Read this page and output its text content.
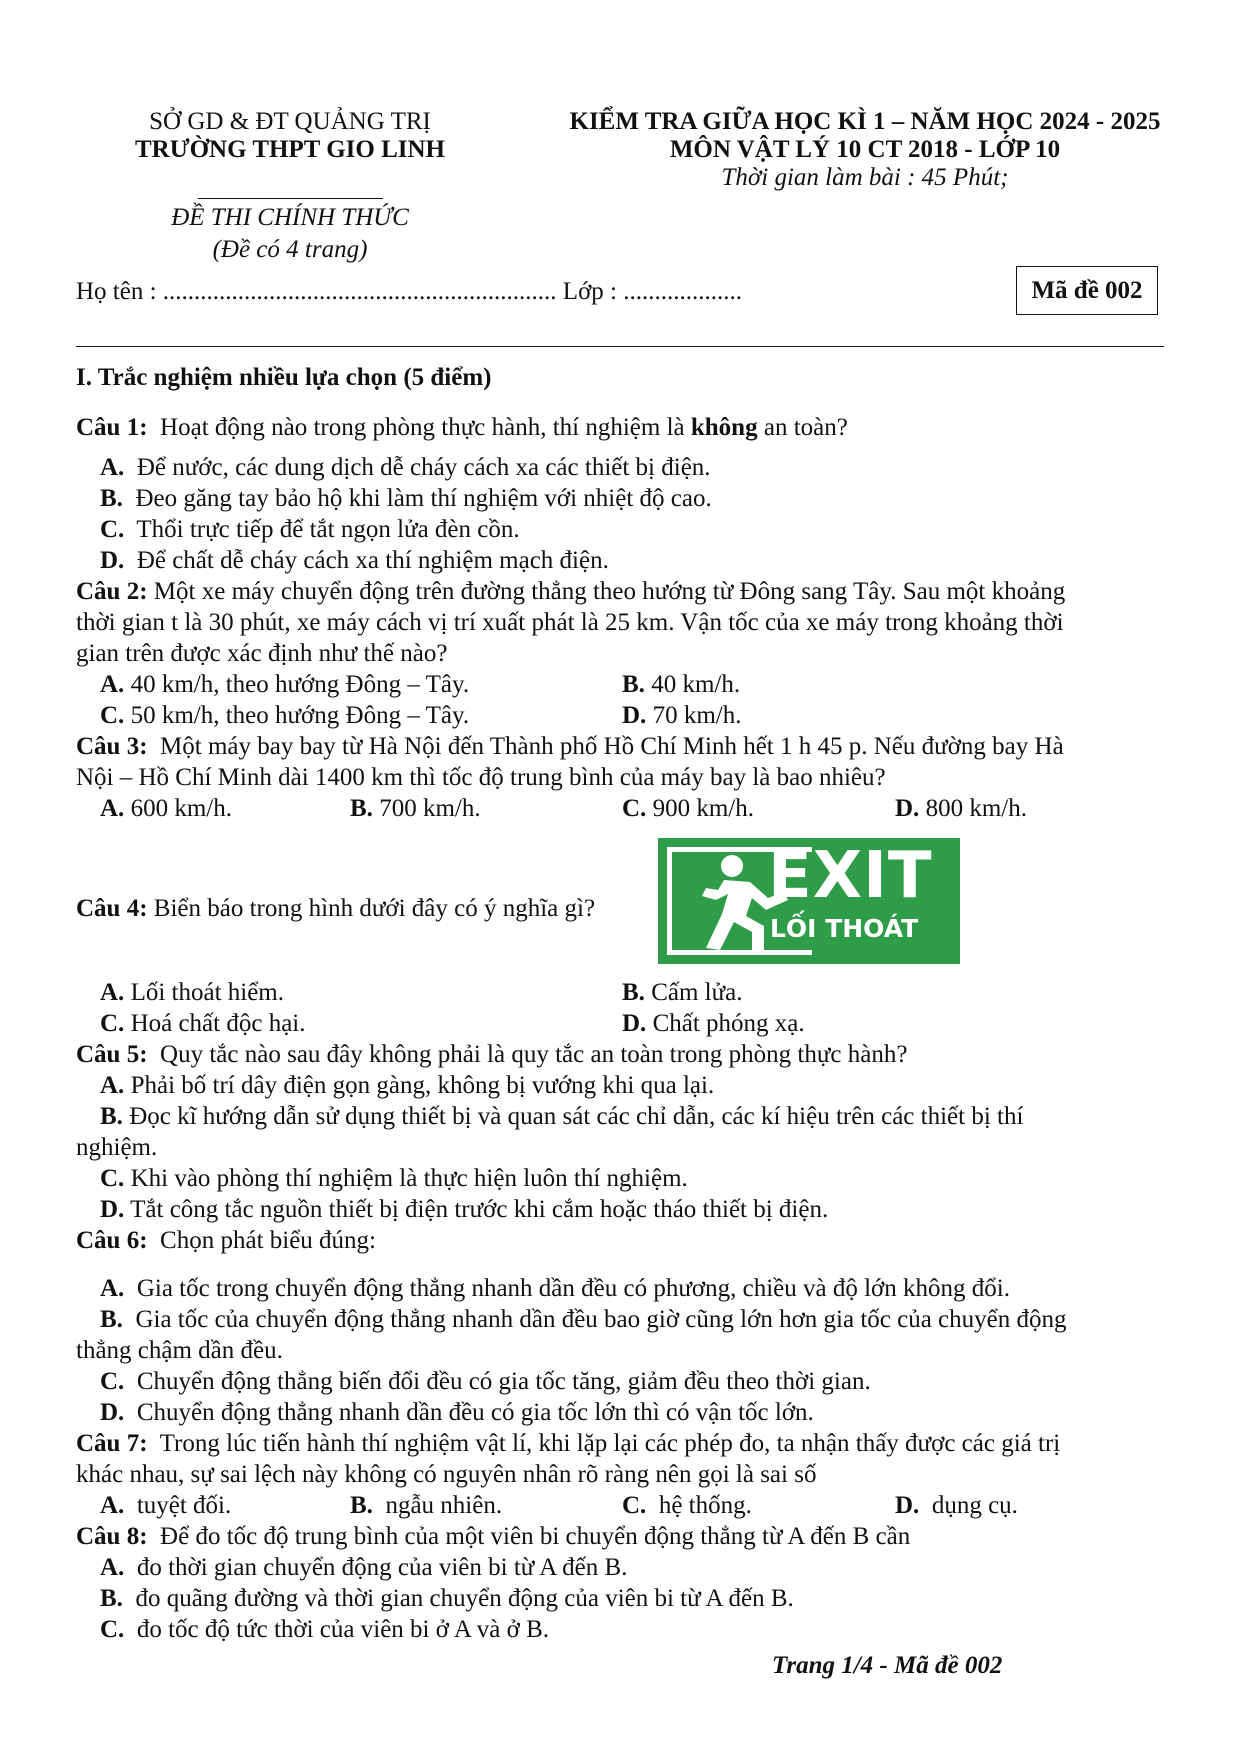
SỞ GD & ĐT QUẢNG TRỊ
TRƯỜNG THPT GIO LINH
ĐỀ THI CHÍNH THỨC
(Đề có 4 trang)
KIỂM TRA GIỮA HỌC KÌ 1 – NĂM HỌC 2024 - 2025
MÔN VẬT LÝ 10 CT 2018 - LỚP 10
Thời gian làm bài : 45 Phút;
Họ tên : ............................................................... Lớp : ...................	Mã đề 002
I. Trắc nghiệm nhiều lựa chọn (5 điểm)
Câu 1: Hoạt động nào trong phòng thực hành, thí nghiệm là không an toàn?
A. Để nước, các dung dịch dễ cháy cách xa các thiết bị điện.
B. Đeo găng tay bảo hộ khi làm thí nghiệm với nhiệt độ cao.
C. Thổi trực tiếp để tắt ngọn lửa đèn cồn.
D. Để chất dễ cháy cách xa thí nghiệm mạch điện.
Câu 2: Một xe máy chuyển động trên đường thẳng theo hướng từ Đông sang Tây. Sau một khoảng
thời gian t là 30 phút, xe máy cách vị trí xuất phát là 25 km. Vận tốc của xe máy trong khoảng thời
gian trên được xác định như thế nào?
A. 40 km/h, theo hướng Đông – Tây.	B. 40 km/h.
C. 50 km/h, theo hướng Đông – Tây.	D. 70 km/h.
Câu 3: Một máy bay bay từ Hà Nội đến Thành phố Hồ Chí Minh hết 1 h 45 p. Nếu đường bay Hà
Nội – Hồ Chí Minh dài 1400 km thì tốc độ trung bình của máy bay là bao nhiêu?
A. 600 km/h.	B. 700 km/h.	C. 900 km/h.	D. 800 km/h.
Câu 4: Biển báo trong hình dưới đây có ý nghĩa gì?	EXIT
LỐI THOÁT
A. Lối thoát hiểm.	B. Cấm lửa.
C. Hoá chất độc hại.	D. Chất phóng xạ.
Câu 5: Quy tắc nào sau đây không phải là quy tắc an toàn trong phòng thực hành?
A. Phải bố trí dây điện gọn gàng, không bị vướng khi qua lại.
B. Đọc kĩ hướng dẫn sử dụng thiết bị và quan sát các chỉ dẫn, các kí hiệu trên các thiết bị thí
nghiệm.
C. Khi vào phòng thí nghiệm là thực hiện luôn thí nghiệm.
D. Tắt công tắc nguồn thiết bị điện trước khi cắm hoặc tháo thiết bị điện.
Câu 6: Chọn phát biểu đúng:
A. Gia tốc trong chuyển động thẳng nhanh dần đều có phương, chiều và độ lớn không đổi.
B. Gia tốc của chuyển động thẳng nhanh dần đều bao giờ cũng lớn hơn gia tốc của chuyển động
thẳng chậm dần đều.
C. Chuyển động thẳng biến đổi đều có gia tốc tăng, giảm đều theo thời gian.
D. Chuyển động thẳng nhanh dần đều có gia tốc lớn thì có vận tốc lớn.
Câu 7: Trong lúc tiến hành thí nghiệm vật lí, khi lặp lại các phép đo, ta nhận thấy được các giá trị
khác nhau, sự sai lệch này không có nguyên nhân rõ ràng nên gọi là sai số
A. tuyệt đối.	B. ngẫu nhiên.	C. hệ thống.	D. dụng cụ.
Câu 8: Để đo tốc độ trung bình của một viên bi chuyển động thẳng từ A đến B cần
A. đo thời gian chuyển động của viên bi từ A đến B.
B. đo quãng đường và thời gian chuyển động của viên bi từ A đến B.
C. đo tốc độ tức thời của viên bi ở A và ở B.
Trang 1/4 - Mã đề 002
